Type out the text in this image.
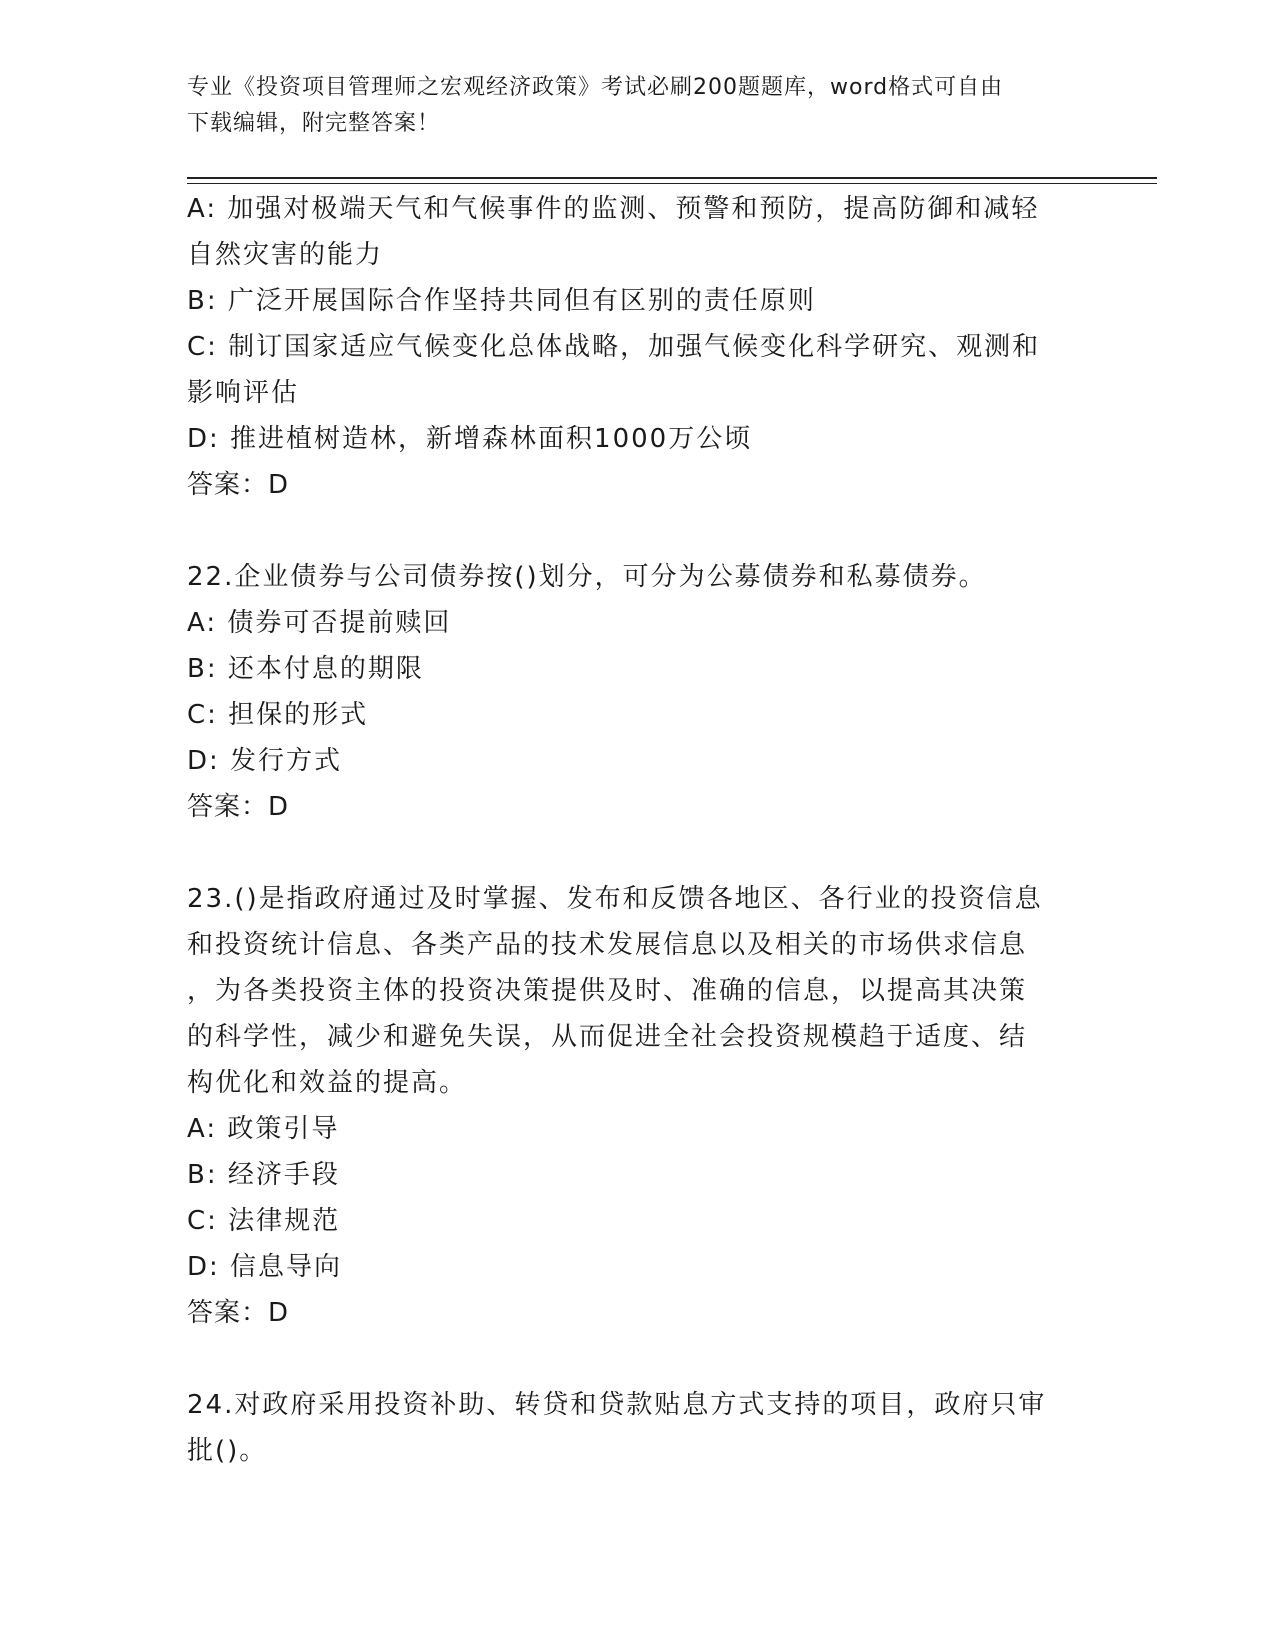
专业《投资项目管理师之宏观经济政策》考试必刷200题题库，word格式可自由
下载编辑，附完整答案！
A: 加强对极端天气和气候事件的监测、预警和预防，提高防御和减轻
自然灾害的能力
B: 广泛开展国际合作坚持共同但有区别的责任原则
C: 制订国家适应气候变化总体战略，加强气候变化科学研究、观测和
影响评估
D: 推进植树造林，新增森林面积1000万公顷
答案：D
22.企业债券与公司债券按()划分，可分为公募债券和私募债券。
A: 债券可否提前赎回
B: 还本付息的期限
C: 担保的形式
D: 发行方式
答案：D
23.()是指政府通过及时掌握、发布和反馈各地区、各行业的投资信息
和投资统计信息、各类产品的技术发展信息以及相关的市场供求信息
，为各类投资主体的投资决策提供及时、准确的信息，以提高其决策
的科学性，减少和避免失误，从而促进全社会投资规模趋于适度、结
构优化和效益的提高。
A: 政策引导
B: 经济手段
C: 法律规范
D: 信息导向
答案：D
24.对政府采用投资补助、转贷和贷款贴息方式支持的项目，政府只审
批()。
